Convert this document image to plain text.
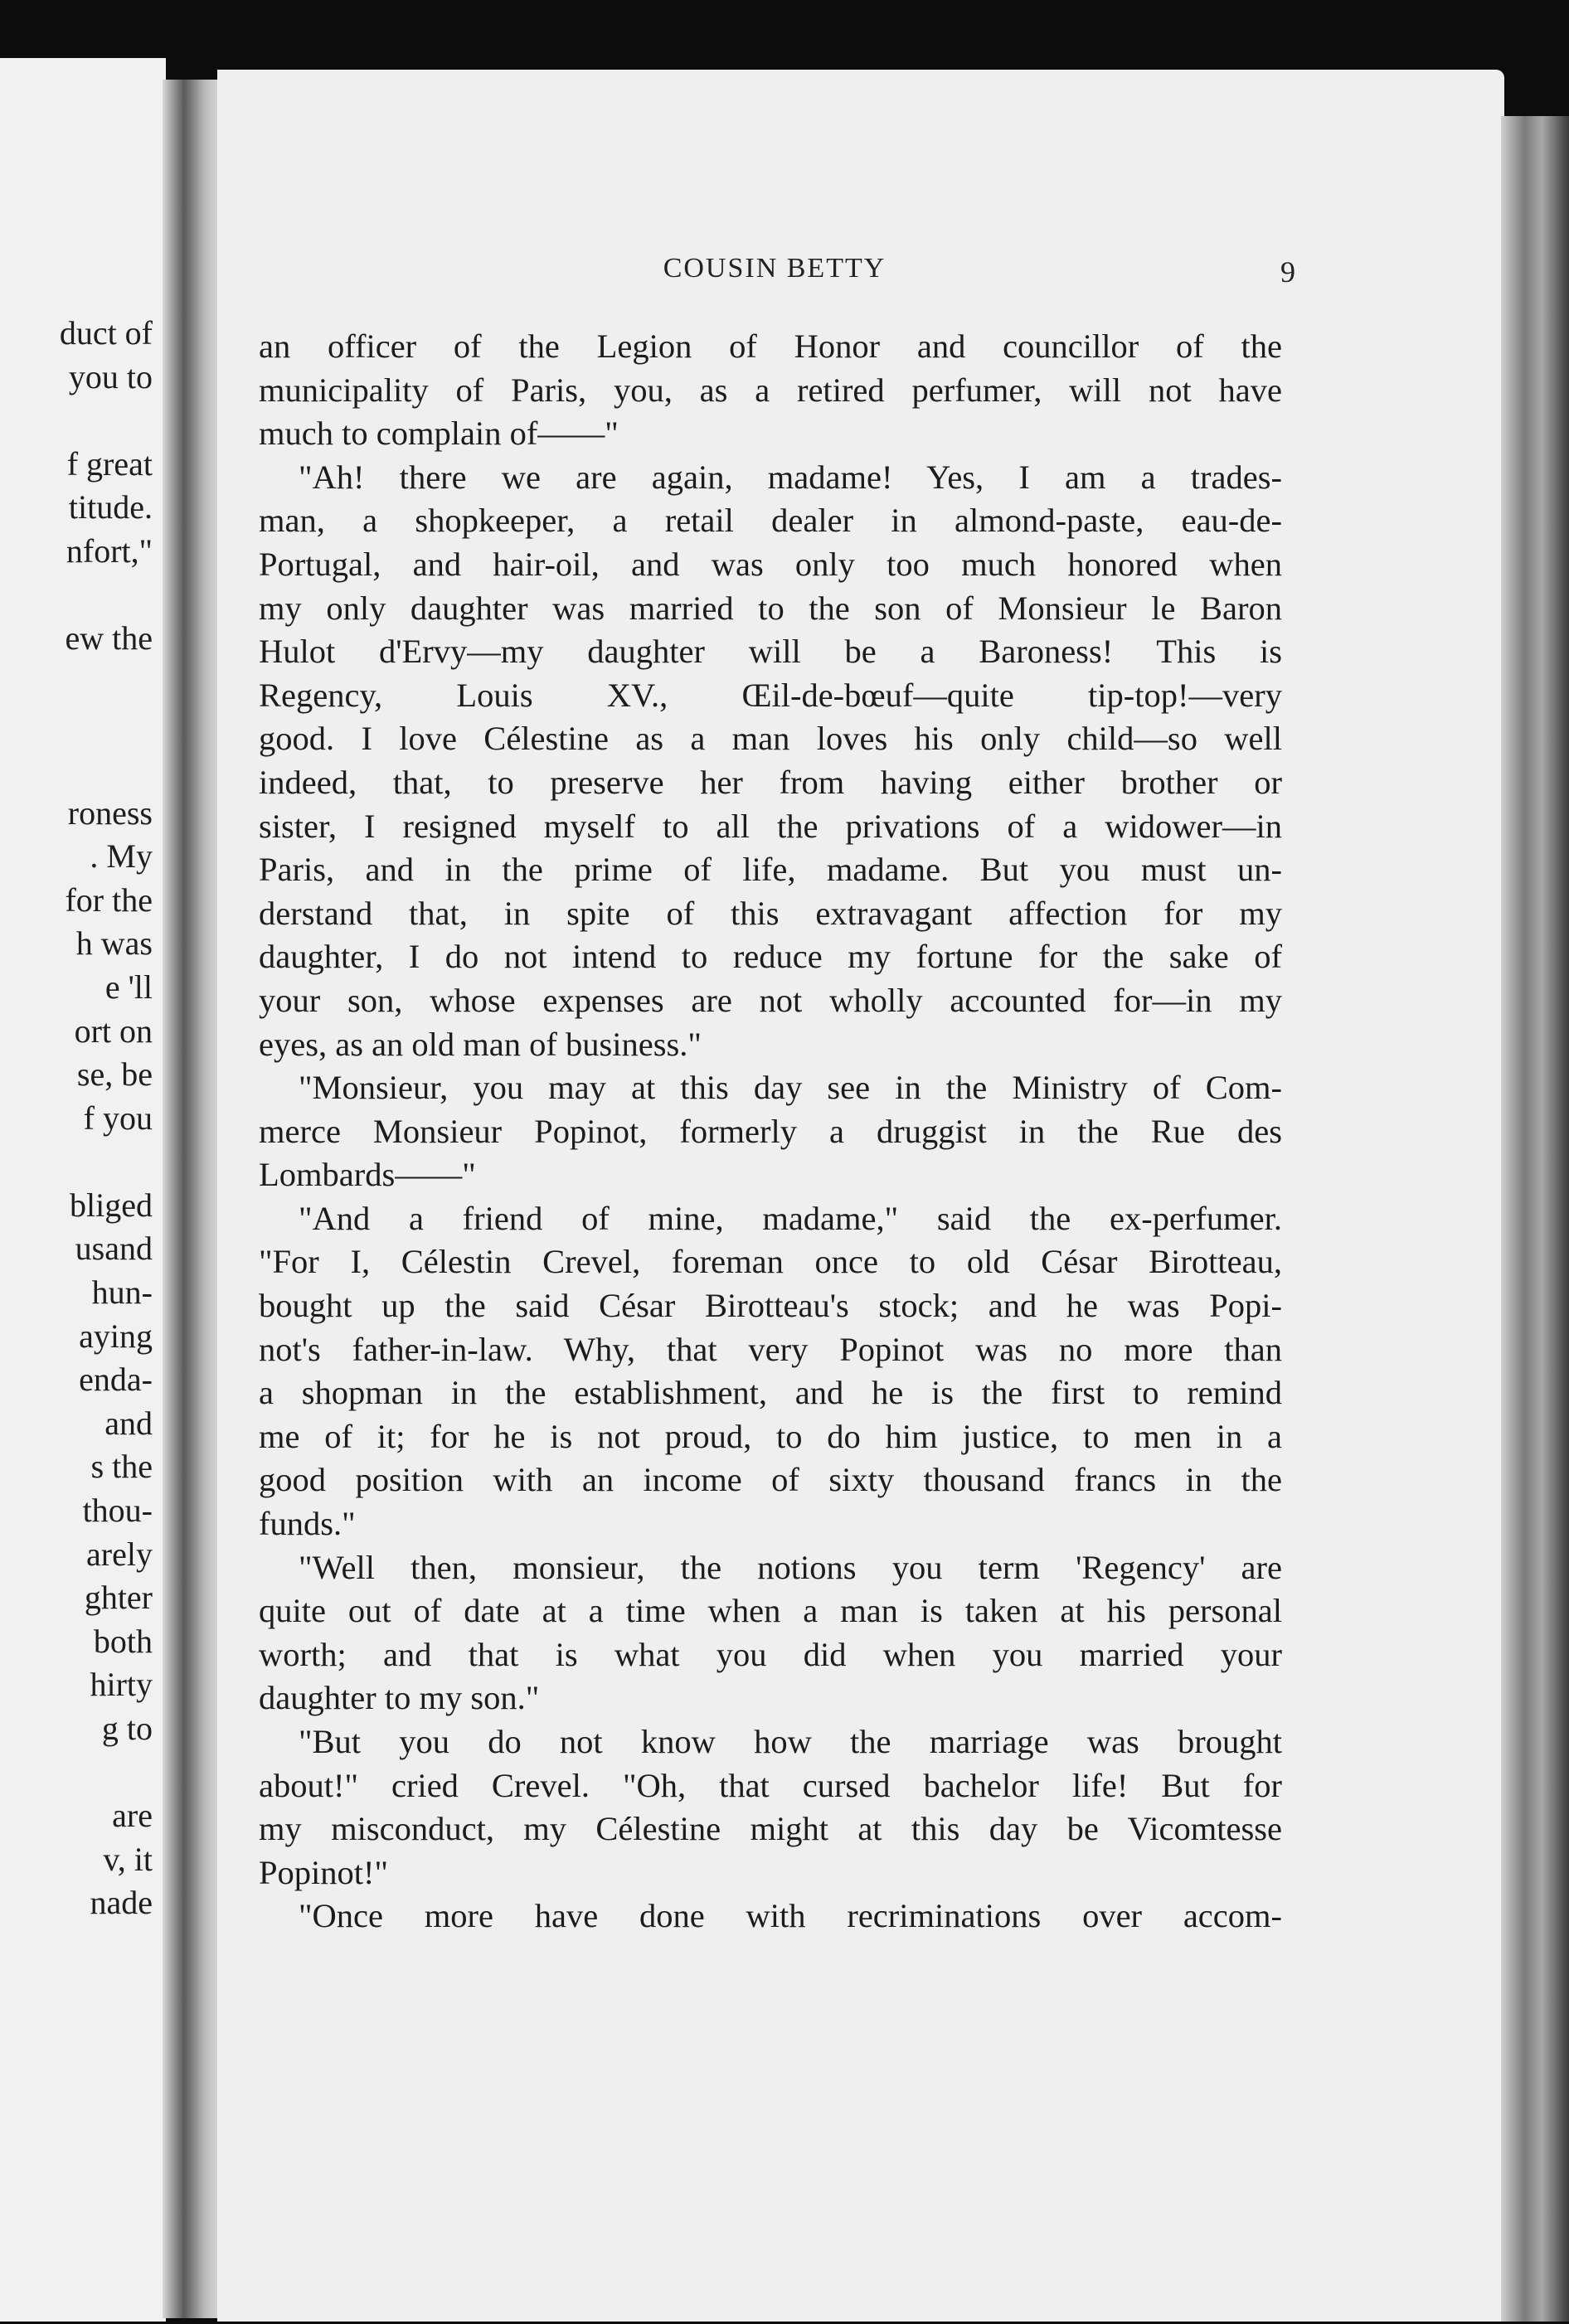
duct of
you to
f great
titude.
nfort,"
ew the
roness
. My
for the
h was
e 'll
ort on
se, be
f you
bliged
usand
hun-
aying
enda-
and
s the
thou-
arely
ghter
both
hirty
g to
are
v, it
nade
COUSIN BETTY	9
an officer of the Legion of Honor and councillor of the
municipality of Paris, you, as a retired perfumer, will not have
much to complain of——"
"Ah! there we are again, madame! Yes, I am a trades-
man, a shopkeeper, a retail dealer in almond-paste, eau-de-
Portugal, and hair-oil, and was only too much honored when
my only daughter was married to the son of Monsieur le Baron
Hulot d'Ervy—my daughter will be a Baroness! This is
Regency, Louis XV., Œil-de-bœuf—quite tip-top!—very
good. I love Célestine as a man loves his only child—so well
indeed, that, to preserve her from having either brother or
sister, I resigned myself to all the privations of a widower—in
Paris, and in the prime of life, madame. But you must un-
derstand that, in spite of this extravagant affection for my
daughter, I do not intend to reduce my fortune for the sake of
your son, whose expenses are not wholly accounted for—in my
eyes, as an old man of business."
"Monsieur, you may at this day see in the Ministry of Com-
merce Monsieur Popinot, formerly a druggist in the Rue des
Lombards——"
"And a friend of mine, madame," said the ex-perfumer.
"For I, Célestin Crevel, foreman once to old César Birotteau,
bought up the said César Birotteau's stock; and he was Popi-
not's father-in-law. Why, that very Popinot was no more than
a shopman in the establishment, and he is the first to remind
me of it; for he is not proud, to do him justice, to men in a
good position with an income of sixty thousand francs in the
funds."
"Well then, monsieur, the notions you term 'Regency' are
quite out of date at a time when a man is taken at his personal
worth; and that is what you did when you married your
daughter to my son."
"But you do not know how the marriage was brought
about!" cried Crevel. "Oh, that cursed bachelor life! But for
my misconduct, my Célestine might at this day be Vicomtesse
Popinot!"
"Once more have done with recriminations over accom-
